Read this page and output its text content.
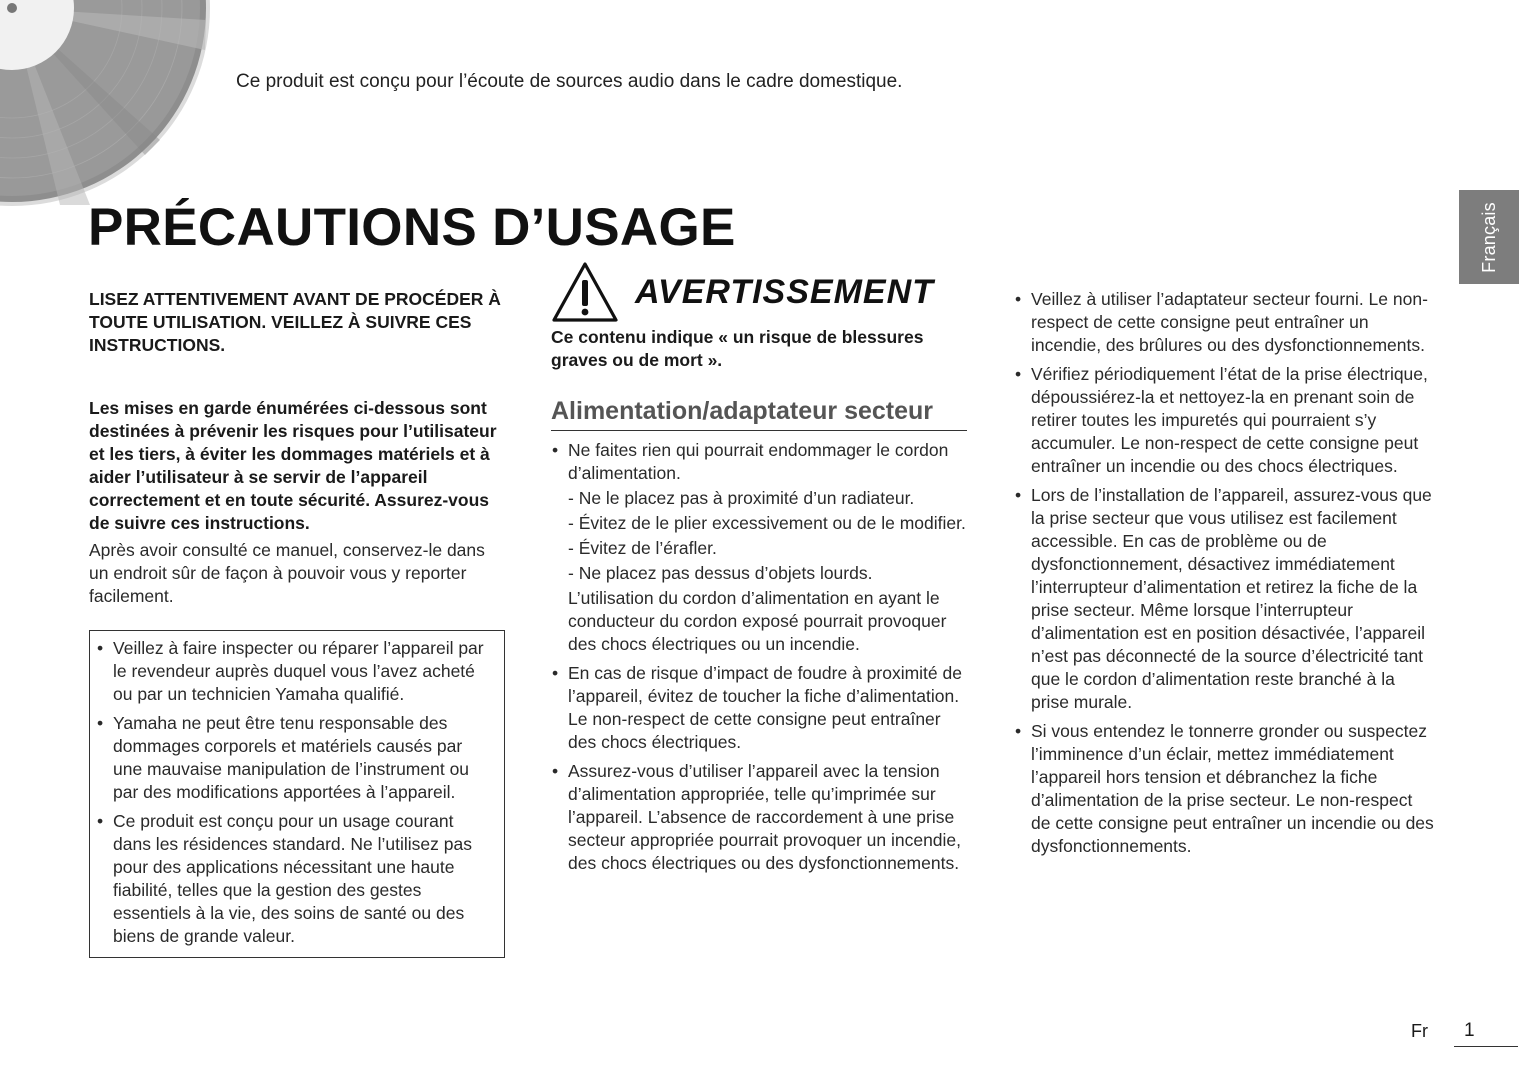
Ce produit est conçu pour l’écoute de sources audio dans le cadre domestique.
Français
PRÉCAUTIONS D’USAGE

LISEZ ATTENTIVEMENT AVANT DE PROCÉDER À TOUTE UTILISATION. VEILLEZ À SUIVRE CES INSTRUCTIONS.

Les mises en garde énumérées ci-dessous sont destinées à prévenir les risques pour l’utilisateur et les tiers, à éviter les dommages matériels et à aider l’utilisateur à se servir de l’appareil correctement et en toute sécurité. Assurez-vous de suivre ces instructions.

Après avoir consulté ce manuel, conservez-le dans un endroit sûr de façon à pouvoir vous y reporter facilement.

• Veillez à faire inspecter ou réparer l’appareil par le revendeur auprès duquel vous l’avez acheté ou par un technicien Yamaha qualifié.
• Yamaha ne peut être tenu responsable des dommages corporels et matériels causés par une mauvaise manipulation de l’instrument ou par des modifications apportées à l’appareil.
• Ce produit est conçu pour un usage courant dans les résidences standard. Ne l’utilisez pas pour des applications nécessitant une haute fiabilité, telles que la gestion des gestes essentiels à la vie, des soins de santé ou des biens de grande valeur.
AVERTISSEMENT

Ce contenu indique « un risque de blessures graves ou de mort ».

Alimentation/adaptateur secteur
• Ne faites rien qui pourrait endommager le cordon d’alimentation.
- Ne le placez pas à proximité d’un radiateur.
- Évitez de le plier excessivement ou de le modifier.
- Évitez de l’érafler.
- Ne placez pas dessus d’objets lourds.
L’utilisation du cordon d’alimentation en ayant le conducteur du cordon exposé pourrait provoquer des chocs électriques ou un incendie.
• En cas de risque d’impact de foudre à proximité de l’appareil, évitez de toucher la fiche d’alimentation. Le non-respect de cette consigne peut entraîner des chocs électriques.
• Assurez-vous d’utiliser l’appareil avec la tension d’alimentation appropriée, telle qu’imprimée sur l’appareil. L’absence de raccordement à une prise secteur appropriée pourrait provoquer un incendie, des chocs électriques ou des dysfonctionnements.
• Veillez à utiliser l’adaptateur secteur fourni. Le non-respect de cette consigne peut entraîner un incendie, des brûlures ou des dysfonctionnements.
• Vérifiez périodiquement l’état de la prise électrique, dépoussiérez-la et nettoyez-la en prenant soin de retirer toutes les impuretés qui pourraient s’y accumuler. Le non-respect de cette consigne peut entraîner un incendie ou des chocs électriques.
• Lors de l’installation de l’appareil, assurez-vous que la prise secteur que vous utilisez est facilement accessible. En cas de problème ou de dysfonctionnement, désactivez immédiatement l’interrupteur d’alimentation et retirez la fiche de la prise secteur. Même lorsque l’interrupteur d’alimentation est en position désactivée, l’appareil n’est pas déconnecté de la source d’électricité tant que le cordon d’alimentation reste branché à la prise murale.
• Si vous entendez le tonnerre gronder ou suspectez l’imminence d’un éclair, mettez immédiatement l’appareil hors tension et débranchez la fiche d’alimentation de la prise secteur. Le non-respect de cette consigne peut entraîner un incendie ou des dysfonctionnements.
Fr	1
